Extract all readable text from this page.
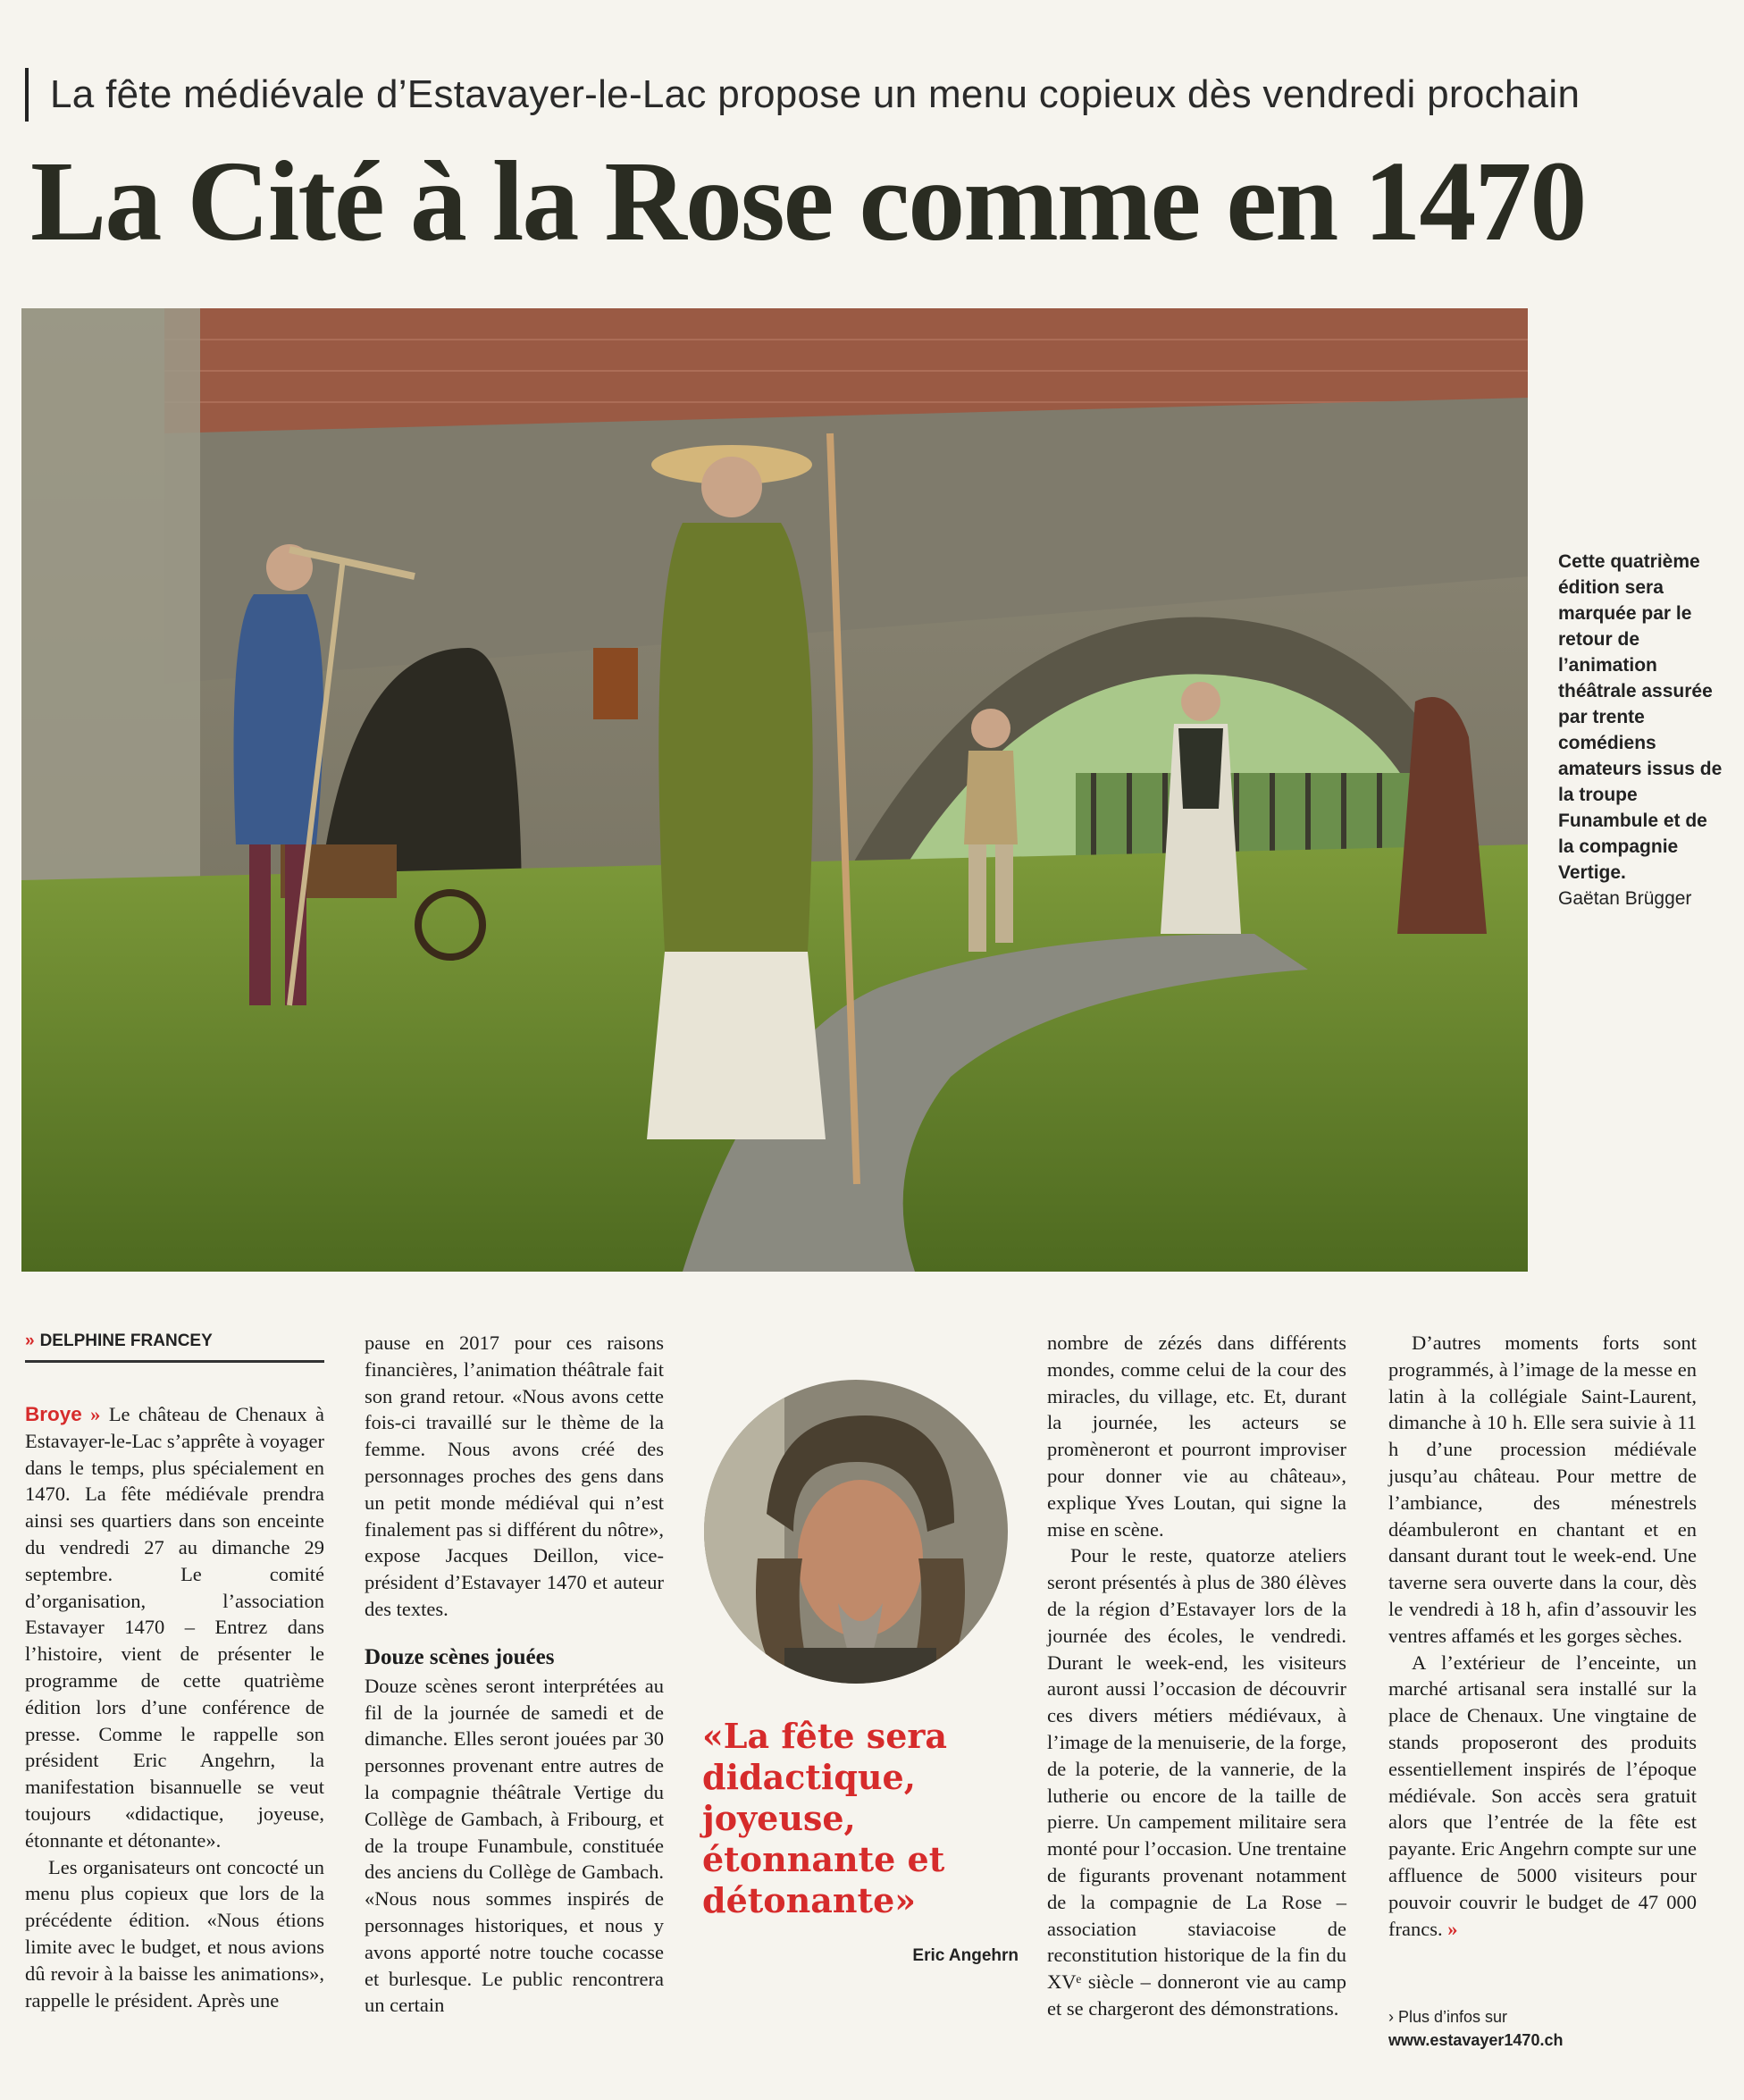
La fête médiévale d’Estavayer-le-Lac propose un menu copieux dès vendredi prochain
La Cité à la Rose comme en 1470
Cette quatrième édition sera marquée par le retour de l’animation théâtrale assurée par trente comédiens amateurs issus de la troupe Funambule et de la compagnie Vertige.
Gaëtan Brügger
» DELPHINE FRANCEY

Broye » Le château de Chenaux à Estavayer-le-Lac s’apprête à voyager dans le temps, plus spécialement en 1470. La fête médiévale prendra ainsi ses quartiers dans son enceinte du vendredi 27 au dimanche 29 septembre. Le comité d’organisation, l’association Estavayer 1470 – Entrez dans l’histoire, vient de présenter le programme de cette quatrième édition lors d’une conférence de presse. Comme le rappelle son président Eric Angehrn, la manifestation bisannuelle se veut toujours «didactique, joyeuse, étonnante et détonante».

Les organisateurs ont concocté un menu plus copieux que lors de la précédente édition. «Nous étions limite avec le budget, et nous avions dû revoir à la baisse les animations», rappelle le président. Après une

pause en 2017 pour ces raisons financières, l’animation théâtrale fait son grand retour. «Nous avons cette fois-ci travaillé sur le thème de la femme. Nous avons créé des personnages proches des gens dans un petit monde médiéval qui n’est finalement pas si différent du nôtre», expose Jacques Deillon, vice-président d’Estavayer 1470 et auteur des textes.

Douze scènes jouées

Douze scènes seront interprétées au fil de la journée de samedi et de dimanche. Elles seront jouées par 30 personnes provenant entre autres de la compagnie théâtrale Vertige du Collège de Gambach, à Fribourg, et de la troupe Funambule, constituée des anciens du Collège de Gambach. «Nous nous sommes inspirés de personnages historiques, et nous y avons apporté notre touche cocasse et burlesque. Le public rencontrera un certain

«La fête sera didactique, joyeuse, étonnante et détonante»
Eric Angehrn

nombre de zézés dans différents mondes, comme celui de la cour des miracles, du village, etc. Et, durant la journée, les acteurs se promèneront et pourront improviser pour donner vie au château», explique Yves Loutan, qui signe la mise en scène.

Pour le reste, quatorze ateliers seront présentés à plus de 380 élèves de la région d’Estavayer lors de la journée des écoles, le vendredi. Durant le week-end, les visiteurs auront aussi l’occasion de découvrir ces divers métiers médiévaux, à l’image de la menuiserie, de la forge, de la poterie, de la vannerie, de la lutherie ou encore de la taille de pierre. Un campement militaire sera monté pour l’occasion. Une trentaine de figurants provenant notamment de la compagnie de La Rose – association staviacoise de reconstitution historique de la fin du XVᵉ siècle – donneront vie au camp et se chargeront des démonstrations.

D’autres moments forts sont programmés, à l’image de la messe en latin à la collégiale Saint-Laurent, dimanche à 10 h. Elle sera suivie à 11 h d’une procession médiévale jusqu’au château. Pour mettre de l’ambiance, des ménestrels déambuleront en chantant et en dansant durant tout le week-end. Une taverne sera ouverte dans la cour, dès le vendredi à 18 h, afin d’assouvir les ventres affamés et les gorges sèches.

A l’extérieur de l’enceinte, un marché artisanal sera installé sur la place de Chenaux. Une vingtaine de stands proposeront des produits essentiellement inspirés de l’époque médiévale. Son accès sera gratuit alors que l’entrée de la fête est payante. Eric Angehrn compte sur une affluence de 5000 visiteurs pour pouvoir couvrir le budget de 47 000 francs. »

› Plus d’infos sur
www.estavayer1470.ch
